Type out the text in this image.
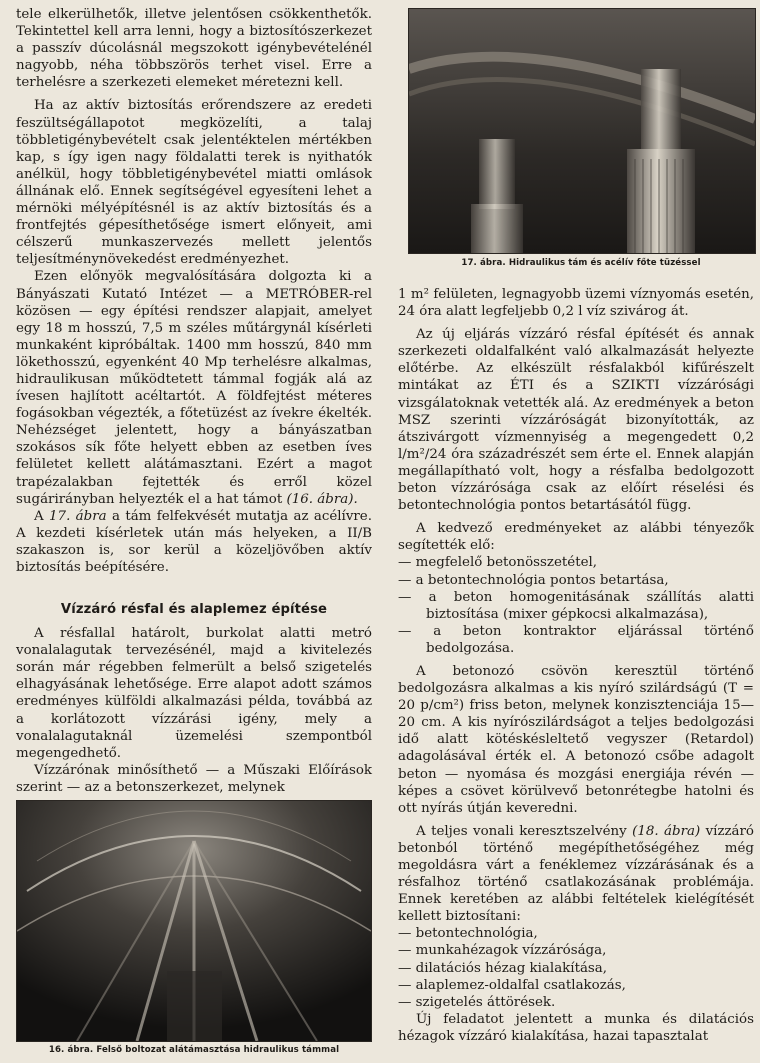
tele elkerülhetők, illetve jelentősen csökkenthetők. Tekintettel kell arra lenni, hogy a biztosítószerkezet a passzív dúcolásnál megszokott igénybevételénél nagyobb, néha többszörös terhet visel. Erre a terhelésre a szerkezeti elemeket méretezni kell.

Ha az aktív biztosítás erőrendszere az eredeti feszültségállapotot megközelíti, a talaj többletigénybevételt csak jelentéktelen mértékben kap, s így igen nagy földalatti terek is nyithatók anélkül, hogy többletigénybevétel miatti omlások állnának elő. Ennek segítségével egyesíteni lehet a mérnöki mélyépítésnél is az aktív biztosítás és a frontfejtés gépesíthetősége ismert előnyeit, ami célszerű munkaszervezés mellett jelentős teljesítménynövekedést eredményezhet.

Ezen előnyök megvalósítására dolgozta ki a Bányászati Kutató Intézet — a METRÓBER-rel közösen — egy építési rendszer alapjait, amelyet egy 18 m hosszú, 7,5 m széles műtárgynál kísérleti munkaként kipróbáltak. 1400 mm hosszú, 840 mm lökethosszú, egyenként 40 Mp terhelésre alkalmas, hidraulikusan működtetett támmal fogják alá az ívesen hajlított acéltartót. A földfejtést méteres fogásokban végezték, a főtetüzést az ívekre ékelték. Nehézséget jelentett, hogy a bányászatban szokásos sík főte helyett ebben az esetben íves felületet kellett alátámasztani. Ezért a magot trapézalakban fejtették és erről közel sugárirányban helyezték el a hat támot (16. ábra).

A 17. ábra a tám felfekvését mutatja az acélívre. A kezdeti kísérletek után más helyeken, a II/B szakaszon is, sor kerül a közeljövőben aktív biztosítás beépítésére.

Vízzáró résfal és alaplemez építése

A résfallal határolt, burkolat alatti metró vonalalagutak tervezésénél, majd a kivitelezés során már régebben felmerült a belső szigetelés elhagyásának lehetősége. Erre alapot adott számos eredményes külföldi alkalmazási példa, továbbá az a korlátozott vízzárási igény, mely a vonalalagutaknál üzemelési szempontból megengedhető.

Vízzárónak minősíthető — a Műszaki Előírások szerint — az a betonszerkezet, melynek

16. ábra. Felső boltozat alátámasztása hidraulikus támmal
17. ábra. Hidraulikus tám és acélív főte tüzéssel

1 m² felületen, legnagyobb üzemi víznyomás esetén, 24 óra alatt legfeljebb 0,2 l víz szivárog át.

Az új eljárás vízzáró résfal építését és annak szerkezeti oldalfalként való alkalmazását helyezte előtérbe. Az elkészült résfalakból kifűrészelt mintákat az ÉTI és a SZIKTI vízzárósági vizsgálatoknak vetették alá. Az eredmények a beton MSZ szerinti vízzáróságát bizonyították, az átszivárgott vízmennyiség a megengedett 0,2 l/m²/24 óra századrészét sem érte el. Ennek alapján megállapítható volt, hogy a résfalba bedolgozott beton vízzárósága csak az előírt réselési és betontechnológia pontos betartásától függ.

A kedvező eredményeket az alábbi tényezők segítették elő:

— megfelelő betonösszetétel,
— a betontechnológia pontos betartása,
— a beton homogenitásának szállítás alatti biztosítása (mixer gépkocsi alkalmazása),
— a beton kontraktor eljárással történő bedolgozása.

A betonozó csövön keresztül történő bedolgozásra alkalmas a kis nyíró szilárdságú (T = 20 p/cm²) friss beton, melynek konzisztenciája 15—20 cm. A kis nyírószilárdságot a teljes bedolgozási idő alatt kötéskésleltető vegyszer (Retardol) adagolásával érték el. A betonozó csőbe adagolt beton — nyomása és mozgási energiája révén — képes a csövet körülvevő betonrétegbe hatolni és ott nyírás útján keveredni.

A teljes vonali keresztszelvény (18. ábra) vízzáró betonból történő megépíthetőségéhez még megoldásra várt a fenéklemez vízzárásának és a résfalhoz történő csatlakozásának problémája. Ennek keretében az alábbi feltételek kielégítését kellett biztosítani:

— betontechnológia,
— munkahézagok vízzárósága,
— dilatációs hézag kialakítása,
— alaplemez-oldalfal csatlakozás,
— szigetelés áttörések.

Új feladatot jelentett a munka és dilatációs hézagok vízzáró kialakítása, hazai tapasztalat
